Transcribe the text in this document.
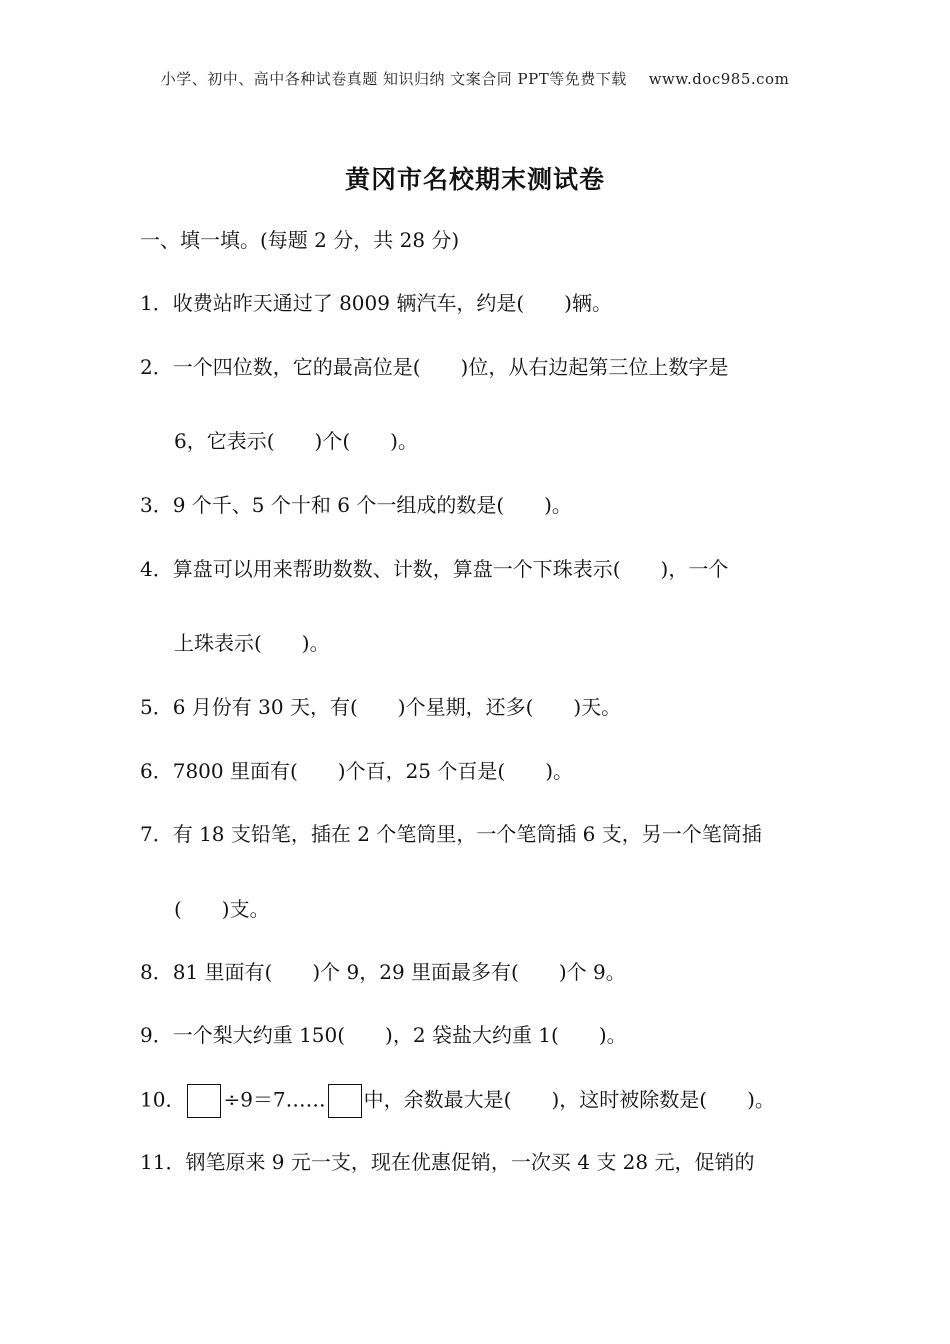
小学、初中、高中各种试卷真题 知识归纳 文案合同 PPT等免费下载 www.doc985.com
黄冈市名校期末测试卷
一、填一填。(每题 2 分，共 28 分)
1．收费站昨天通过了 8009 辆汽车，约是(　　)辆。
2．一个四位数，它的最高位是(　　)位，从右边起第三位上数字是
6，它表示(　　)个(　　)。
3．9 个千、5 个十和 6 个一组成的数是(　　)。
4．算盘可以用来帮助数数、计数，算盘一个下珠表示(　　)，一个
上珠表示(　　)。
5．6 月份有 30 天，有(　　)个星期，还多(　　)天。
6．7800 里面有(　　)个百，25 个百是(　　)。
7．有 18 支铅笔，插在 2 个笔筒里，一个笔筒插 6 支，另一个笔筒插
(　　)支。
8．81 里面有(　　)个 9，29 里面最多有(　　)个 9。
9．一个梨大约重 150(　　)，2 袋盐大约重 1(　　)。
10． ÷9＝7…… 中，余数最大是(　　)，这时被除数是(　　)。
11．钢笔原来 9 元一支，现在优惠促销，一次买 4 支 28 元，促销的
